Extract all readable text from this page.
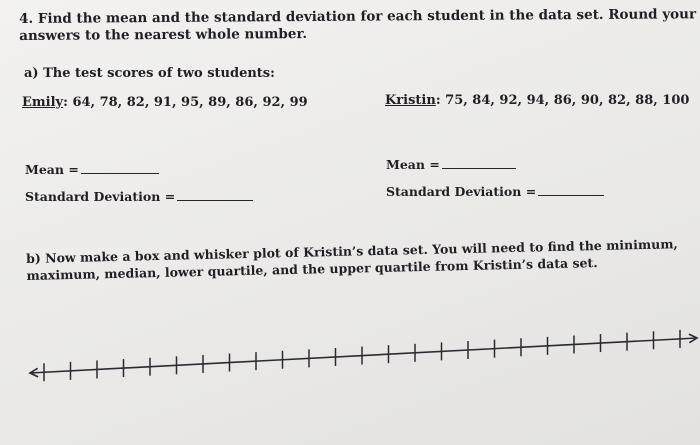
4. Find the mean and the standard deviation for each student in the data set. Round your answers to the nearest whole number.
a) The test scores of two students:
Emily: 64, 78, 82, 91, 95, 89, 86, 92, 99	Kristin: 75, 84, 92, 94, 86, 90, 82, 88, 100
Mean =
Standard Deviation =
Mean =
Standard Deviation =
b) Now make a box and whisker plot of Kristin’s data set. You will need to find the minimum, maximum, median, lower quartile, and the upper quartile from Kristin’s data set.
